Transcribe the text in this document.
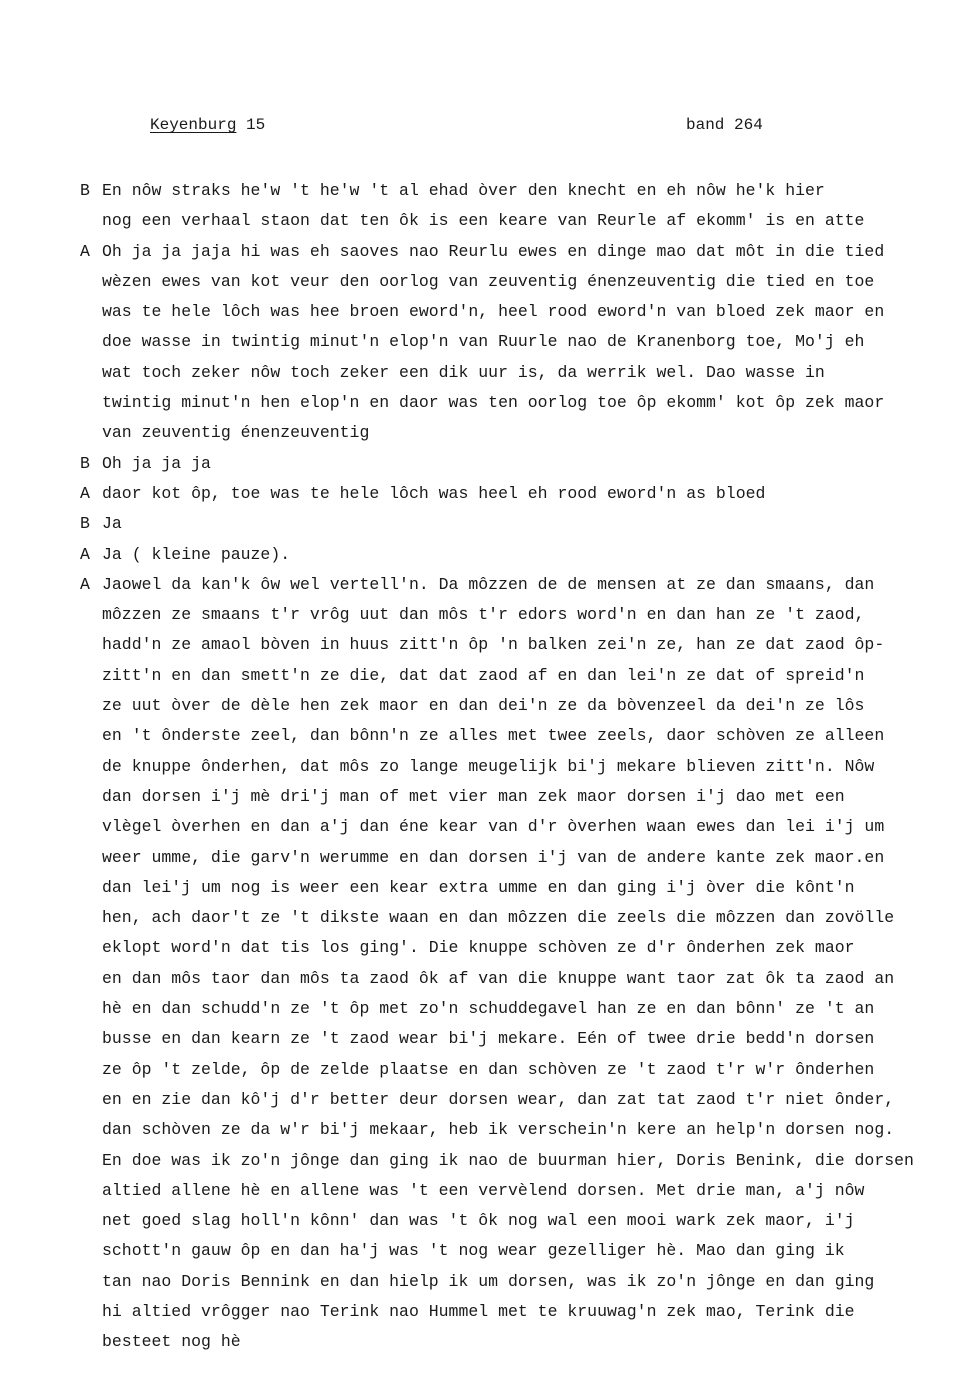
Keyenburg 15	band 264
B En nôw straks he'w 't he'w 't al ehad òver den knecht en eh nôw he'k hier
nog een verhaal staon dat ten ôk is een keare van Reurle af ekomm' is en atte
A Oh ja ja jaja hi was eh saoves nao Reurlu ewes en dinge mao dat môt in die tied
wèzen ewes van kot veur den oorlog van zeuventig énenzeuventig die tied en toe
was te hele lôch was hee broen eword'n, heel rood eword'n van bloed zek maor en
doe wasse in twintig minut'n elop'n van Ruurle nao de Kranenborg toe, Mo'j eh
wat toch zeker nôw toch zeker een dik uur is, da werrik wel. Dao wasse in
twintig minut'n hen elop'n en daor was ten oorlog toe ôp ekomm' kot ôp zek maor
van zeuventig énenzeuventig
B Oh ja ja ja
A daor kot ôp, toe was te hele lôch was heel eh rood eword'n as bloed
B Ja
A Ja ( kleine pauze).
A Jaowel da kan'k ôw wel vertell'n. Da môzzen de de mensen at ze dan smaans, dan
môzzen ze smaans t'r vrôg uut dan môs t'r edors word'n en dan han ze 't zaod,
hadd'n ze amaol bòven in huus zitt'n ôp 'n balken zei'n ze, han ze dat zaod ôp-
zitt'n en dan smett'n ze die, dat dat zaod af en dan lei'n ze dat of spreid'n
ze uut òver de dèle hen zek maor en dan dei'n ze da bòvenzeel da dei'n ze lôs
en 't ônderste zeel, dan bônn'n ze alles met twee zeels, daor schòven ze alleen
de knuppe ônderhen, dat môs zo lange meugelijk bi'j mekare blieven zitt'n. Nôw
dan dorsen i'j mè dri'j man of met vier man zek maor dorsen i'j dao met een
vlègel òverhen en dan a'j dan éne kear van d'r òverhen waan ewes dan lei i'j um
weer umme, die garv'n werumme en dan dorsen i'j van de andere kante zek maor.en
dan lei'j um nog is weer een kear extra umme en dan ging i'j òver die kônt'n
hen, ach daor't ze 't dikste waan en dan môzzen die zeels die môzzen dan zovölle
eklopt word'n dat tis los ging'. Die knuppe schòven ze d'r ônderhen zek maor
en dan môs taor dan môs ta zaod ôk af van die knuppe want taor zat ôk ta zaod an
hè en dan schudd'n ze 't ôp met zo'n schuddegavel han ze en dan bônn' ze 't an
busse en dan kearn ze 't zaod wear bi'j mekare. Eén of twee drie bedd'n dorsen
ze ôp 't zelde, ôp de zelde plaatse en dan schòven ze 't zaod t'r w'r ônderhen
en en zie dan kô'j d'r better deur dorsen wear, dan zat tat zaod t'r niet ônder,
dan schòven ze da w'r bi'j mekaar, heb ik verschein'n kere an help'n dorsen nog.
En doe was ik zo'n jônge dan ging ik nao de buurman hier, Doris Benink, die dorsen
altied allene hè en allene was 't een vervèlend dorsen. Met drie man, a'j nôw
net goed slag holl'n kônn' dan was 't ôk nog wal een mooi wark zek maor, i'j
schott'n gauw ôp en dan ha'j was 't nog wear gezelliger hè. Mao dan ging ik
tan nao Doris Bennink en dan hielp ik um dorsen, was ik zo'n jônge en dan ging
hi altied vrôgger nao Terink nao Hummel met te kruuwag'n zek mao, Terink die
besteet nog hè
